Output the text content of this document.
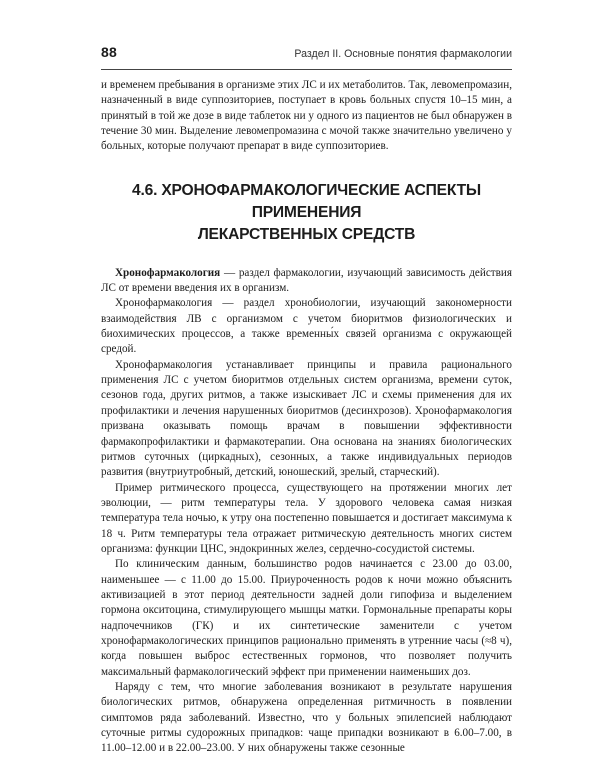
88	Раздел II. Основные понятия фармакологии

и временем пребывания в организме этих ЛС и их метаболитов. Так, левомепромазин, назначенный в виде суппозиториев, поступает в кровь больных спустя 10–15 мин, а принятый в той же дозе в виде таблеток ни у одного из пациентов не был обнаружен в течение 30 мин. Выделение левомепромазина с мочой также значительно увеличено у больных, которые получают препарат в виде суппозиториев.

4.6. ХРОНОФАРМАКОЛОГИЧЕСКИЕ АСПЕКТЫ ПРИМЕНЕНИЯ
ЛЕКАРСТВЕННЫХ СРЕДСТВ

Хронофармакология — раздел фармакологии, изучающий зависимость действия ЛС от времени введения их в организм.

Хронофармакология — раздел хронобиологии, изучающий закономерности взаимодействия ЛВ с организмом с учетом биоритмов физиологических и биохимических процессов, а также временны́х связей организма с окружающей средой.

Хронофармакология устанавливает принципы и правила рационального применения ЛС с учетом биоритмов отдельных систем организма, времени суток, сезонов года, других ритмов, а также изыскивает ЛС и схемы применения для их профилактики и лечения нарушенных биоритмов (десинхрозов). Хронофармакология призвана оказывать помощь врачам в повышении эффективности фармакопрофилактики и фармакотерапии. Она основана на знаниях биологических ритмов суточных (циркадных), сезонных, а также индивидуальных периодов развития (внутриутробный, детский, юношеский, зрелый, старческий).

Пример ритмического процесса, существующего на протяжении многих лет эволюции, — ритм температуры тела. У здорового человека самая низкая температура тела ночью, к утру она постепенно повышается и достигает максимума к 18 ч. Ритм температуры тела отражает ритмическую деятельность многих систем организма: функции ЦНС, эндокринных желез, сердечно-сосудистой системы.

По клиническим данным, большинство родов начинается с 23.00 до 03.00, наименьшее — с 11.00 до 15.00. Приуроченность родов к ночи можно объяснить активизацией в этот период деятельности задней доли гипофиза и выделением гормона окситоцина, стимулирующего мышцы матки. Гормональные препараты коры надпочечников (ГК) и их синтетические заменители с учетом хронофармакологических принципов рационально применять в утренние часы (≈8 ч), когда повышен выброс естественных гормонов, что позволяет получить максимальный фармакологический эффект при применении наименьших доз.

Наряду с тем, что многие заболевания возникают в результате нарушения биологических ритмов, обнаружена определенная ритмичность в появлении симптомов ряда заболеваний. Известно, что у больных эпилепсией наблюдают суточные ритмы судорожных припадков: чаще припадки возникают в 6.00–7.00, в 11.00–12.00 и в 22.00–23.00. У них обнаружены также сезонные
